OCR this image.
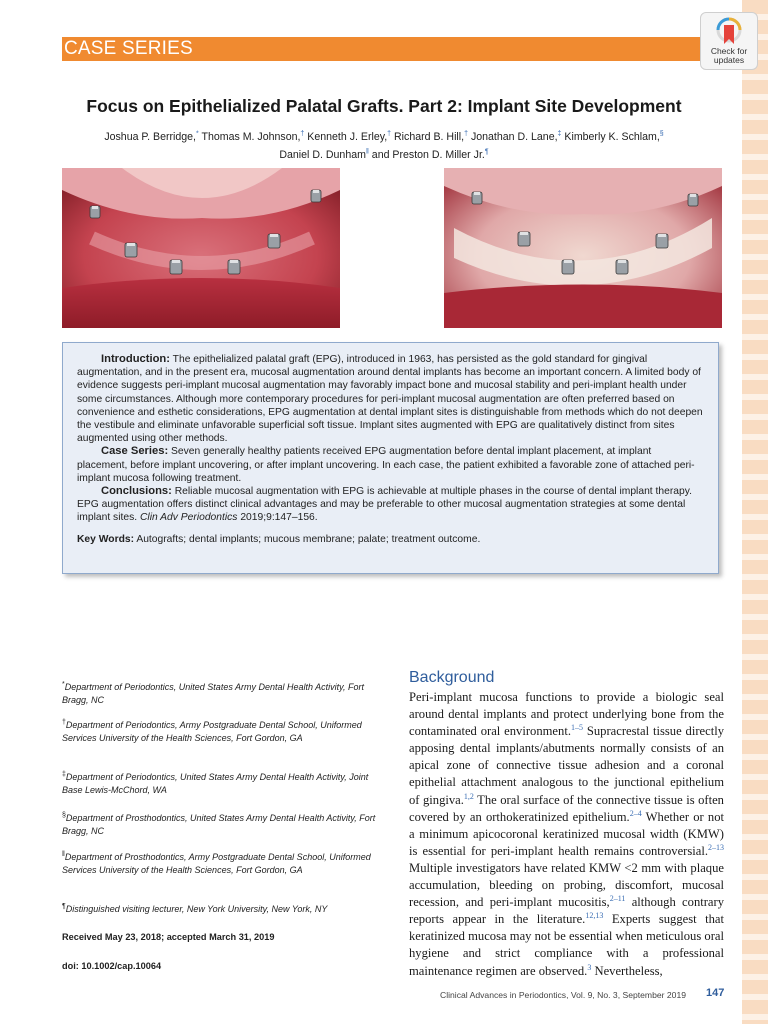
CASE SERIES	Check for updates
Focus on Epithelialized Palatal Grafts. Part 2: Implant Site Development
Joshua P. Berridge,* Thomas M. Johnson,† Kenneth J. Erley,† Richard B. Hill,† Jonathan D. Lane,‡ Kimberly K. Schlam,§
Daniel D. Dunham‖ and Preston D. Miller Jr.¶

Introduction: The epithelialized palatal graft (EPG), introduced in 1963, has persisted as the gold standard for gingival augmentation, and in the present era, mucosal augmentation around dental implants has become an important concern. A limited body of evidence suggests peri-implant mucosal augmentation may favorably impact bone and mucosal stability and peri-implant health under some circumstances. Although more contemporary procedures for peri-implant mucosal augmentation are often preferred based on convenience and esthetic considerations, EPG augmentation at dental implant sites is distinguishable from methods which do not deepen the vestibule and eliminate unfavorable superficial soft tissue. Implant sites augmented with EPG are qualitatively distinct from sites augmented using other methods.

Case Series: Seven generally healthy patients received EPG augmentation before dental implant placement, at implant placement, before implant uncovering, or after implant uncovering. In each case, the patient exhibited a favorable zone of attached peri-implant mucosa following treatment.

Conclusions: Reliable mucosal augmentation with EPG is achievable at multiple phases in the course of dental implant therapy. EPG augmentation offers distinct clinical advantages and may be preferable to other mucosal augmentation strategies at some dental implant sites. Clin Adv Periodontics 2019;9:147–156.

Key Words: Autografts; dental implants; mucous membrane; palate; treatment outcome.

*Department of Periodontics, United States Army Dental Health Activity, Fort Bragg, NC
†Department of Periodontics, Army Postgraduate Dental School, Uniformed Services University of the Health Sciences, Fort Gordon, GA
‡Department of Periodontics, United States Army Dental Health Activity, Joint Base Lewis-McChord, WA
§Department of Prosthodontics, United States Army Dental Health Activity, Fort Bragg, NC
‖Department of Prosthodontics, Army Postgraduate Dental School, Uniformed Services University of the Health Sciences, Fort Gordon, GA
¶Distinguished visiting lecturer, New York University, New York, NY
Received May 23, 2018; accepted March 31, 2019
doi: 10.1002/cap.10064
Background

Peri-implant mucosa functions to provide a biologic seal around dental implants and protect underlying bone from the contaminated oral environment.$^{1-5}$ Supracrestal tissue directly apposing dental implants/abutments normally consists of an apical zone of connective tissue adhesion and a coronal epithelial attachment analogous to the junctional epithelium of gingiva.$^{1,2}$ The oral surface of the connective tissue is often covered by an orthokeratinized epithelium.$^{2-4}$ Whether or not a minimum apicocoronal keratinized mucosal width (KMW) is essential for peri-implant health remains controversial.$^{2-13}$ Multiple investigators have related KMW <2 mm with plaque accumulation, bleeding on probing, discomfort, mucosal recession, and peri-implant mucositis,$^{2-11}$ although contrary reports appear in the literature.$^{12,13}$ Experts suggest that keratinized mucosa may not be essential when meticulous oral hygiene and strict compliance with a professional maintenance regimen are observed.$^3$ Nevertheless,

Clinical Advances in Periodontics, Vol. 9, No. 3, September 2019 147
